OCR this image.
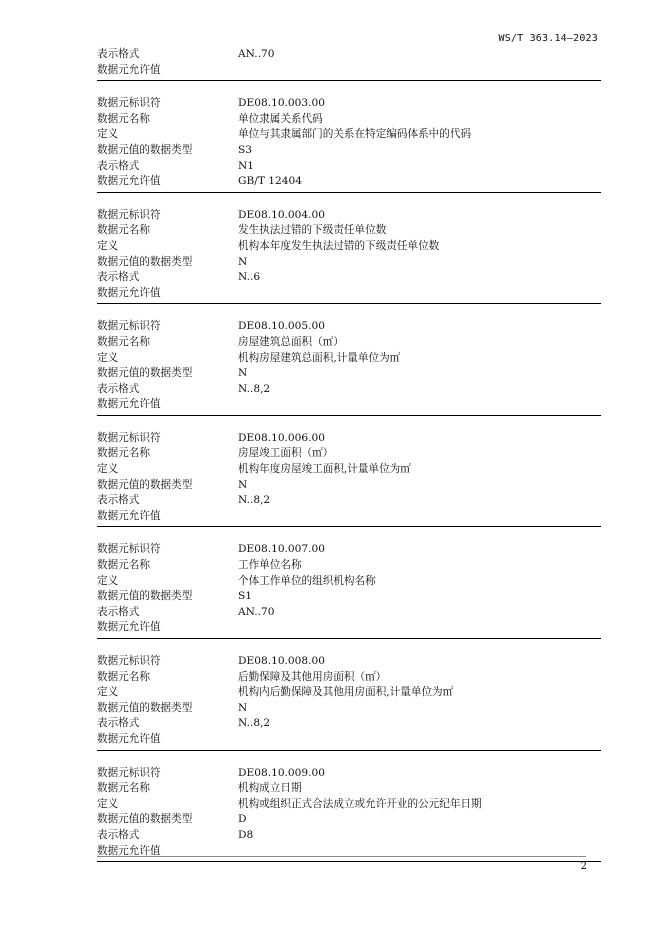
WS/T 363.14—2023
表示格式	AN..70
数据元允许值
数据元标识符	DE08.10.003.00
数据元名称	单位隶属关系代码
定义	单位与其隶属部门的关系在特定编码体系中的代码
数据元值的数据类型	S3
表示格式	N1
数据元允许值	GB/T 12404
数据元标识符	DE08.10.004.00
数据元名称	发生执法过错的下级责任单位数
定义	机构本年度发生执法过错的下级责任单位数
数据元值的数据类型	N
表示格式	N..6
数据元允许值
数据元标识符	DE08.10.005.00
数据元名称	房屋建筑总面积（㎡）
定义	机构房屋建筑总面积,计量单位为㎡
数据元值的数据类型	N
表示格式	N..8,2
数据元允许值
数据元标识符	DE08.10.006.00
数据元名称	房屋竣工面积（㎡）
定义	机构年度房屋竣工面积,计量单位为㎡
数据元值的数据类型	N
表示格式	N..8,2
数据元允许值
数据元标识符	DE08.10.007.00
数据元名称	工作单位名称
定义	个体工作单位的组织机构名称
数据元值的数据类型	S1
表示格式	AN..70
数据元允许值
数据元标识符	DE08.10.008.00
数据元名称	后勤保障及其他用房面积（㎡）
定义	机构内后勤保障及其他用房面积,计量单位为㎡
数据元值的数据类型	N
表示格式	N..8,2
数据元允许值
数据元标识符	DE08.10.009.00
数据元名称	机构成立日期
定义	机构或组织正式合法成立或允许开业的公元纪年日期
数据元值的数据类型	D
表示格式	D8
数据元允许值
2
